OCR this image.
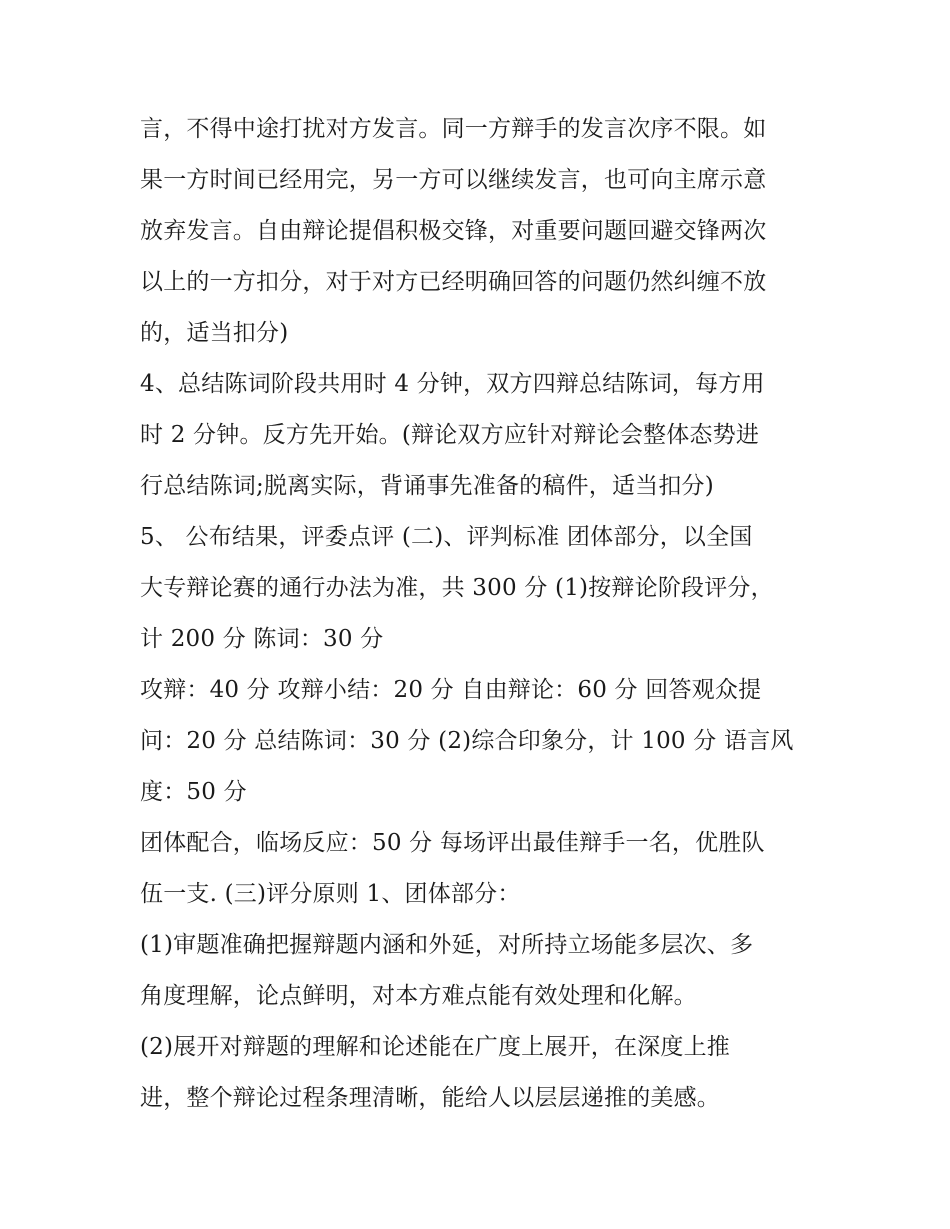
言，不得中途打扰对方发言。同一方辩手的发言次序不限。如
果一方时间已经用完，另一方可以继续发言，也可向主席示意
放弃发言。自由辩论提倡积极交锋，对重要问题回避交锋两次
以上的一方扣分，对于对方已经明确回答的问题仍然纠缠不放
的，适当扣分)
4、总结陈词阶段共用时 4 分钟，双方四辩总结陈词，每方用
时 2 分钟。反方先开始。(辩论双方应针对辩论会整体态势进
行总结陈词;脱离实际，背诵事先准备的稿件，适当扣分)
5、 公布结果，评委点评 (二)、评判标准 团体部分，以全国
大专辩论赛的通行办法为准，共 300 分 (1)按辩论阶段评分，
计 200 分 陈词：30 分
攻辩：40 分 攻辩小结：20 分 自由辩论：60 分 回答观众提
问：20 分 总结陈词：30 分 (2)综合印象分，计 100 分 语言风
度：50 分
团体配合，临场反应：50 分 每场评出最佳辩手一名，优胜队
伍一支. (三)评分原则 1、团体部分：
(1)审题准确把握辩题内涵和外延，对所持立场能多层次、多
角度理解，论点鲜明，对本方难点能有效处理和化解。
(2)展开对辩题的理解和论述能在广度上展开，在深度上推
进，整个辩论过程条理清晰，能给人以层层递推的美感。
